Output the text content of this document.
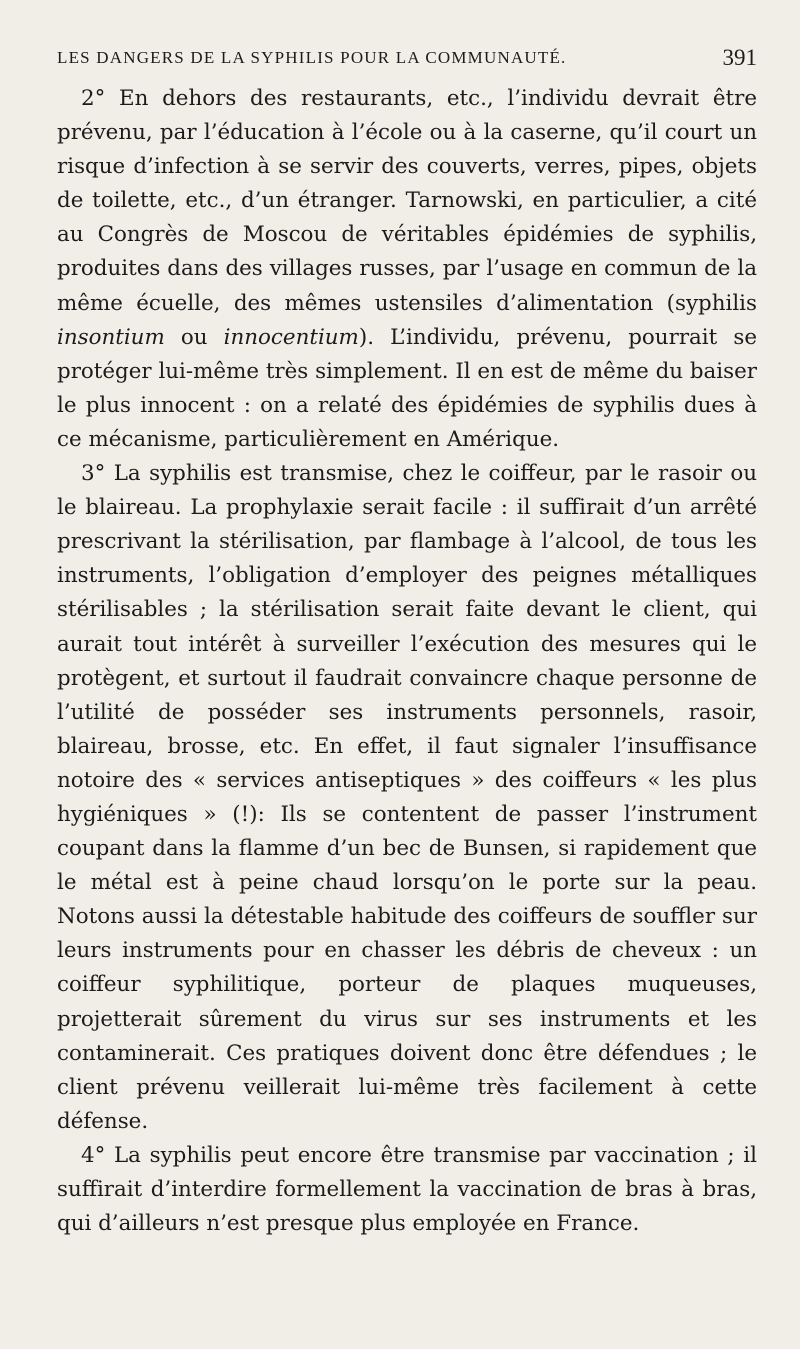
LES DANGERS DE LA SYPHILIS POUR LA COMMUNAUTÉ.	391

2° En dehors des restaurants, etc., l’individu devrait être prévenu, par l’éducation à l’école ou à la caserne, qu’il court un risque d’infection à se servir des couverts, verres, pipes, objets de toilette, etc., d’un étranger. Tarnowski, en particulier, a cité au Congrès de Moscou de véritables épidémies de syphilis, produites dans des villages russes, par l’usage en commun de la même écuelle, des mêmes ustensiles d’alimentation (syphilis insontium ou innocentium). L’individu, prévenu, pourrait se protéger lui-même très simplement. Il en est de même du baiser le plus innocent : on a relaté des épidémies de syphilis dues à ce mécanisme, particulièrement en Amérique.

3° La syphilis est transmise, chez le coiffeur, par le rasoir ou le blaireau. La prophylaxie serait facile : il suffirait d’un arrêté prescrivant la stérilisation, par flambage à l’alcool, de tous les instruments, l’obligation d’employer des peignes métalliques stérilisables ; la stérilisation serait faite devant le client, qui aurait tout intérêt à surveiller l’exécution des mesures qui le protègent, et surtout il faudrait convaincre chaque personne de l’utilité de posséder ses instruments personnels, rasoir, blaireau, brosse, etc. En effet, il faut signaler l’insuffisance notoire des « services antiseptiques » des coiffeurs « les plus hygiéniques » (!): Ils se contentent de passer l’instrument coupant dans la flamme d’un bec de Bunsen, si rapidement que le métal est à peine chaud lorsqu’on le porte sur la peau. Notons aussi la détestable habitude des coiffeurs de souffler sur leurs instruments pour en chasser les débris de cheveux : un coiffeur syphilitique, porteur de plaques muqueuses, projetterait sûrement du virus sur ses instruments et les contaminerait. Ces pratiques doivent donc être défendues ; le client prévenu veillerait lui-même très facilement à cette défense.

4° La syphilis peut encore être transmise par vaccination ; il suffirait d’interdire formellement la vaccination de bras à bras, qui d’ailleurs n’est presque plus employée en France.
